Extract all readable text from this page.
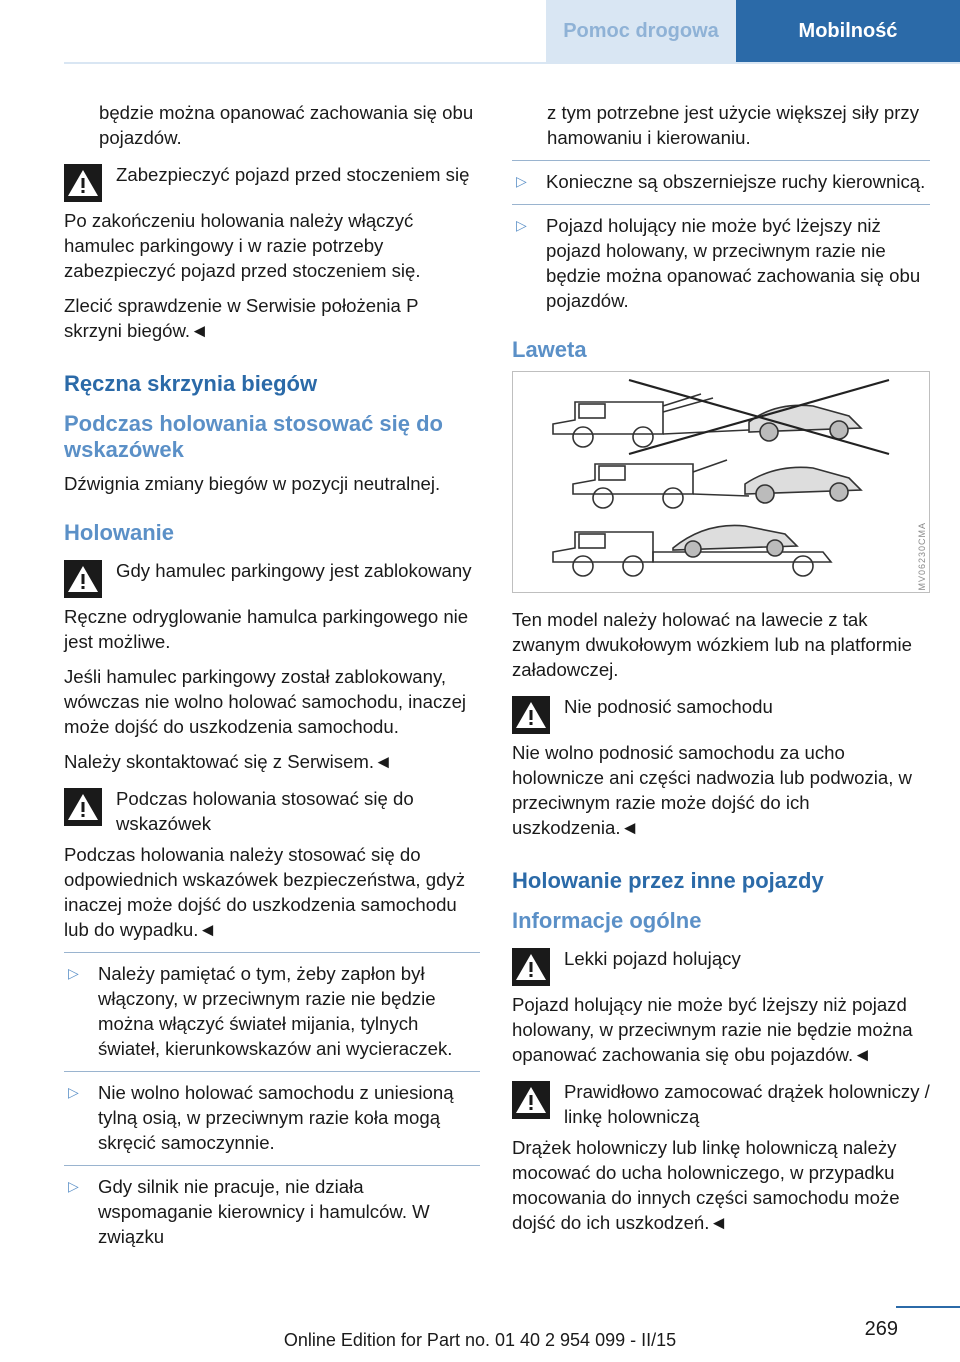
Pomoc drogowa	Mobilność

będzie można opanować zachowania się obu pojazdów.

Zabezpieczyć pojazd przed stoczeniem się

Po zakończeniu holowania należy włączyć hamulec parkingowy i w razie potrzeby zabezpieczyć pojazd przed stoczeniem się.

Zlecić sprawdzenie w Serwisie położenia P skrzyni biegów.◄

Ręczna skrzynia biegów
Podczas holowania stosować się do wskazówek

Dźwignia zmiany biegów w pozycji neutralnej.

Holowanie
Gdy hamulec parkingowy jest zablokowany

Ręczne odryglowanie hamulca parkingowego nie jest możliwe.

Jeśli hamulec parkingowy został zablokowany, wówczas nie wolno holować samochodu, inaczej może dojść do uszkodzenia samochodu.

Należy skontaktować się z Serwisem.◄

Podczas holowania stosować się do wskazówek

Podczas holowania należy stosować się do odpowiednich wskazówek bezpieczeństwa, gdyż inaczej może dojść do uszkodzenia samochodu lub do wypadku.◄

▷ Należy pamiętać o tym, żeby zapłon był włączony, w przeciwnym razie nie będzie można włączyć świateł mijania, tylnych świateł, kierunkowskazów ani wycieraczek.
▷ Nie wolno holować samochodu z uniesioną tylną osią, w przeciwnym razie koła mogą skręcić samoczynnie.
▷ Gdy silnik nie pracuje, nie działa wspomaganie kierownicy i hamulców. W związku

z tym potrzebne jest użycie większej siły przy hamowaniu i kierowaniu.

▷ Konieczne są obszerniejsze ruchy kierownicą.
▷ Pojazd holujący nie może być lżejszy niż pojazd holowany, w przeciwnym razie nie będzie można opanować zachowania się obu pojazdów.
Laweta
MV06230CMA

Ten model należy holować na lawecie z tak zwanym dwukołowym wózkiem lub na platformie załadowczej.

Nie podnosić samochodu

Nie wolno podnosić samochodu za ucho holownicze ani części nadwozia lub podwozia, w przeciwnym razie może dojść do ich uszkodzenia.◄

Holowanie przez inne pojazdy
Informacje ogólne
Lekki pojazd holujący

Pojazd holujący nie może być lżejszy niż pojazd holowany, w przeciwnym razie nie będzie można opanować zachowania się obu pojazdów.◄

Prawidłowo zamocować drążek holowniczy / linkę holowniczą

Drążek holowniczy lub linkę holowniczą należy mocować do ucha holowniczego, w przypadku mocowania do innych części samochodu może dojść do ich uszkodzeń.◄

269
Online Edition for Part no. 01 40 2 954 099 - II/15
